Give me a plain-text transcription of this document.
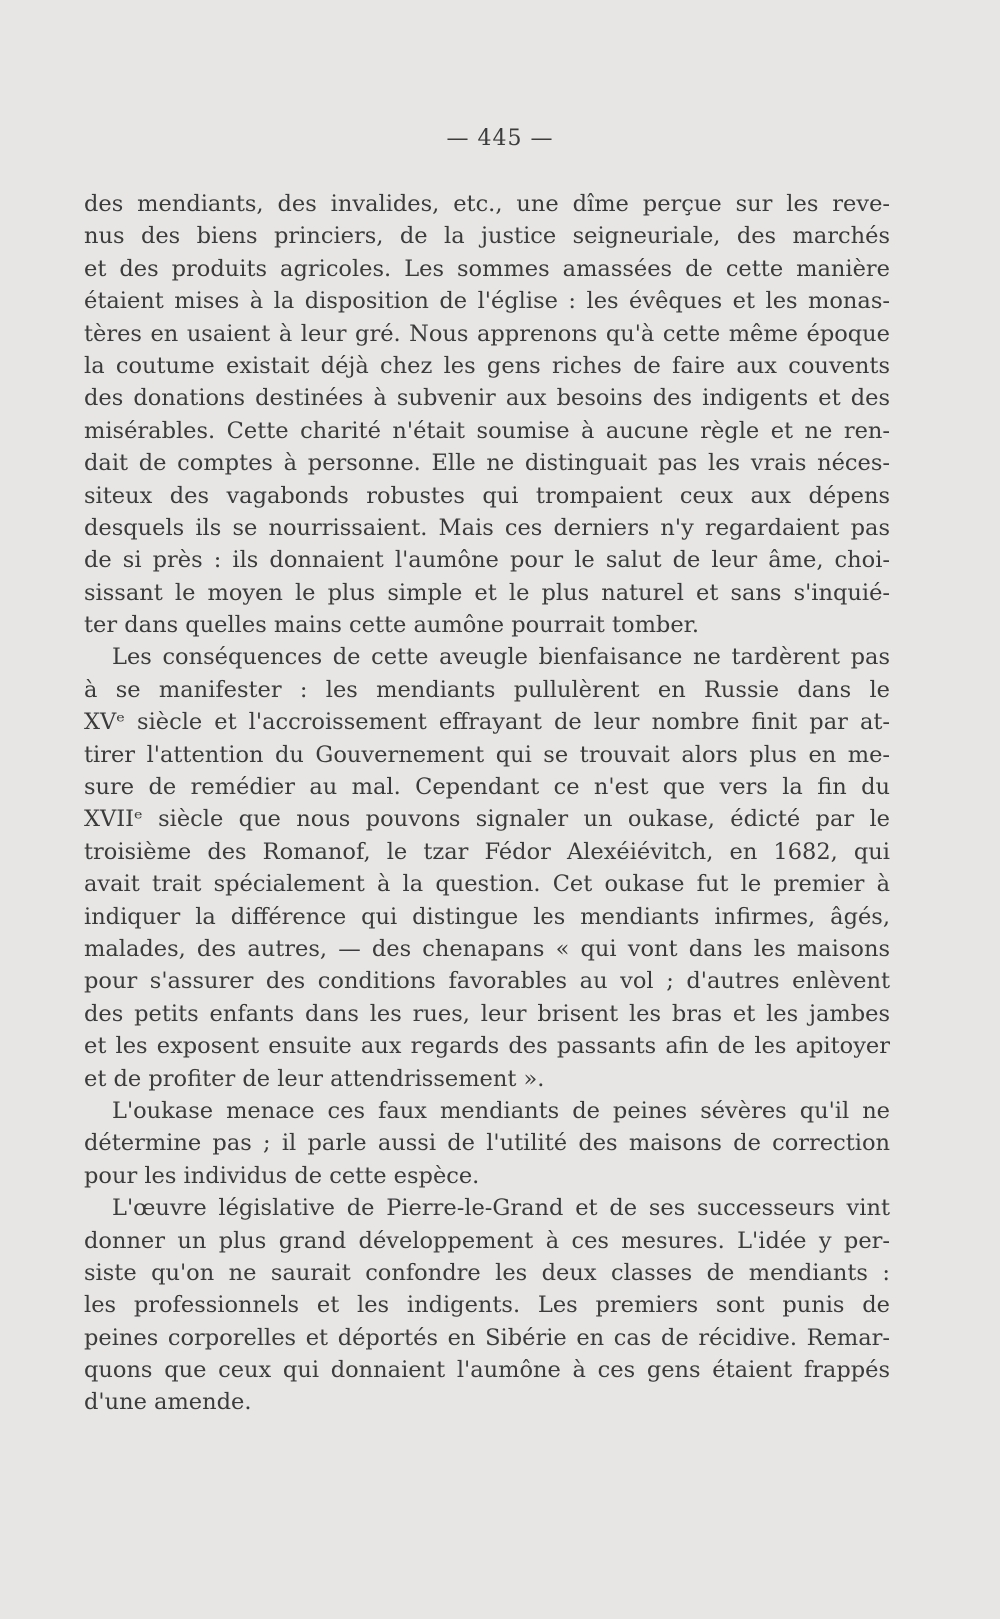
— 445 —
des mendiants, des invalides, etc., une dîme perçue sur les reve-
nus des biens princiers, de la justice seigneuriale, des marchés
et des produits agricoles. Les sommes amassées de cette manière
étaient mises à la disposition de l'église : les évêques et les monas-
tères en usaient à leur gré. Nous apprenons qu'à cette même époque
la coutume existait déjà chez les gens riches de faire aux couvents
des donations destinées à subvenir aux besoins des indigents et des
misérables. Cette charité n'était soumise à aucune règle et ne ren-
dait de comptes à personne. Elle ne distinguait pas les vrais néces-
siteux des vagabonds robustes qui trompaient ceux aux dépens
desquels ils se nourrissaient. Mais ces derniers n'y regardaient pas
de si près : ils donnaient l'aumône pour le salut de leur âme, choi-
sissant le moyen le plus simple et le plus naturel et sans s'inquié-
ter dans quelles mains cette aumône pourrait tomber.
Les conséquences de cette aveugle bienfaisance ne tardèrent pas
à se manifester : les mendiants pullulèrent en Russie dans le
XVᵉ siècle et l'accroissement effrayant de leur nombre finit par at-
tirer l'attention du Gouvernement qui se trouvait alors plus en me-
sure de remédier au mal. Cependant ce n'est que vers la fin du
XVIIᵉ siècle que nous pouvons signaler un oukase, édicté par le
troisième des Romanof, le tzar Fédor Alexéiévitch, en 1682, qui
avait trait spécialement à la question. Cet oukase fut le premier à
indiquer la différence qui distingue les mendiants infirmes, âgés,
malades, des autres, — des chenapans « qui vont dans les maisons
pour s'assurer des conditions favorables au vol ; d'autres enlèvent
des petits enfants dans les rues, leur brisent les bras et les jambes
et les exposent ensuite aux regards des passants afin de les apitoyer
et de profiter de leur attendrissement ».
L'oukase menace ces faux mendiants de peines sévères qu'il ne
détermine pas ; il parle aussi de l'utilité des maisons de correction
pour les individus de cette espèce.
L'œuvre législative de Pierre-le-Grand et de ses successeurs vint
donner un plus grand développement à ces mesures. L'idée y per-
siste qu'on ne saurait confondre les deux classes de mendiants :
les professionnels et les indigents. Les premiers sont punis de
peines corporelles et déportés en Sibérie en cas de récidive. Remar-
quons que ceux qui donnaient l'aumône à ces gens étaient frappés
d'une amende.
